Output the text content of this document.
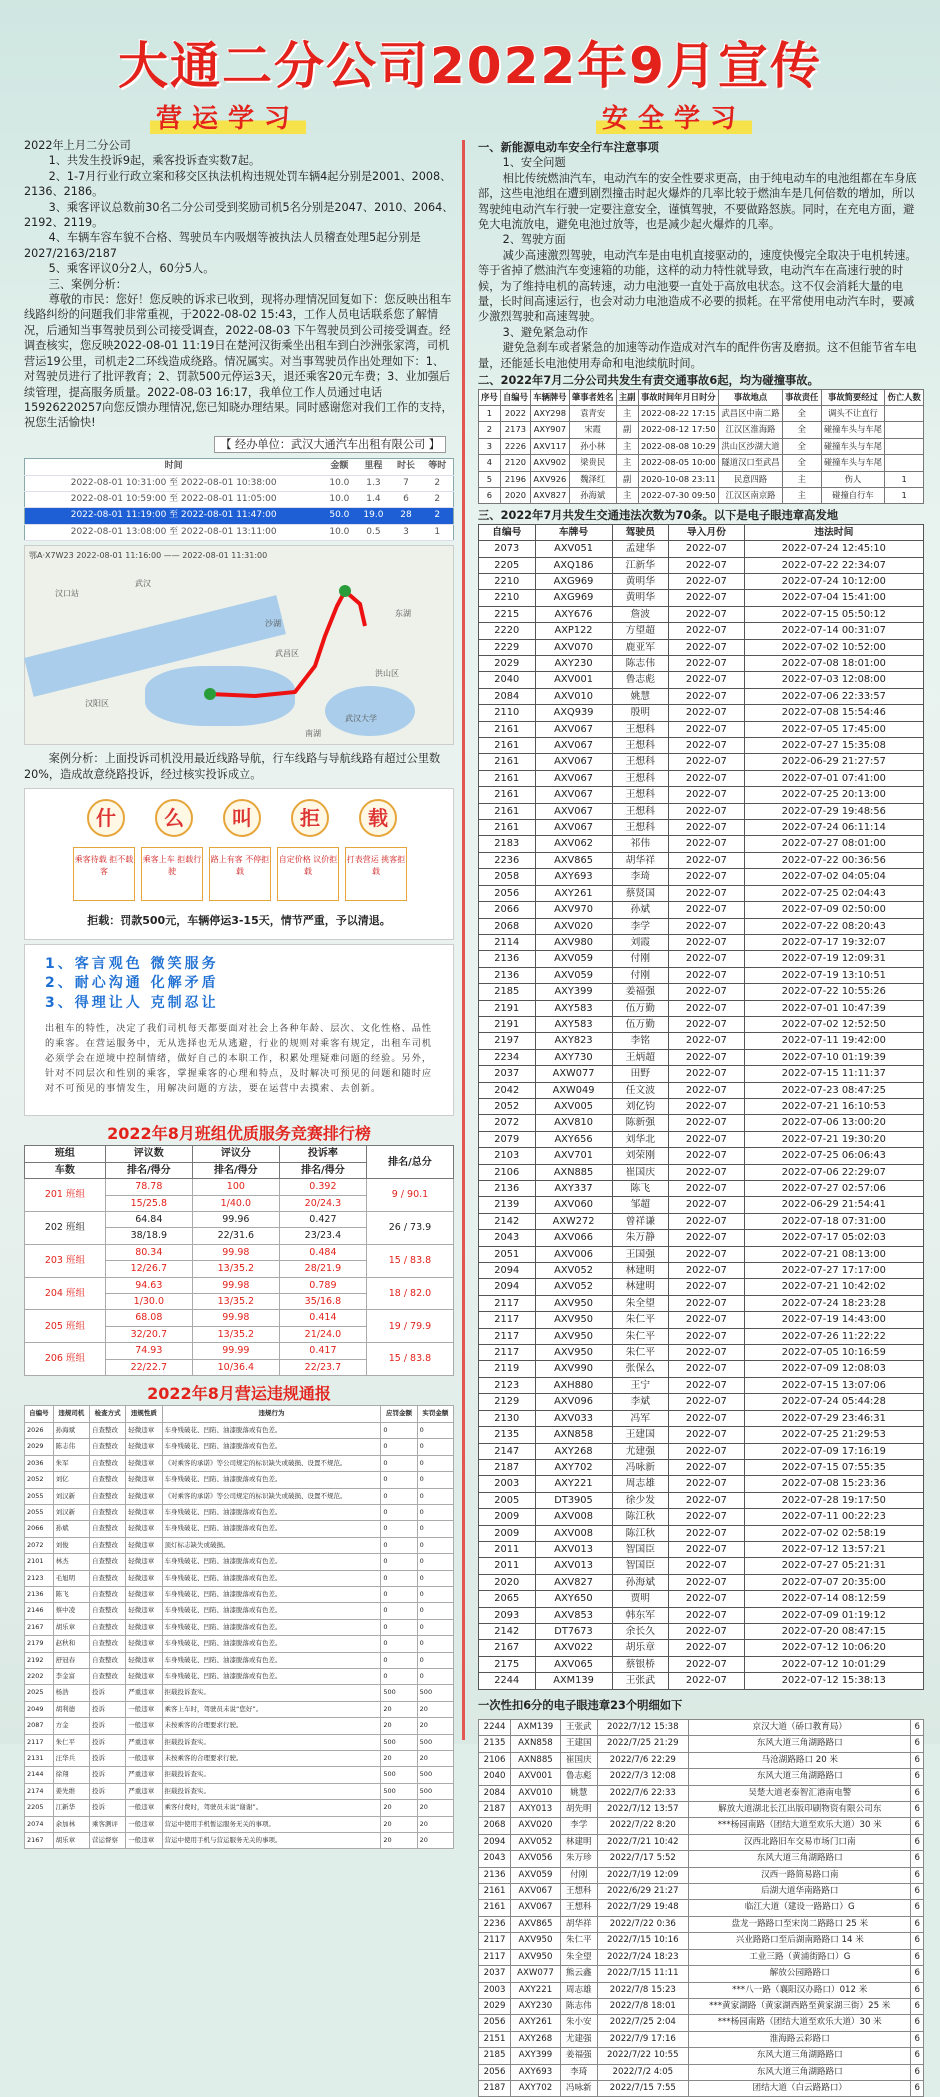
大通二分公司2022年9月宣传
营运学习	安全学习

2022年上月二分公司

1、共发生投诉9起，乘客投诉查实数7起。

2、1-7月行业行政立案和移交区执法机构违规处罚车辆4起分别是2001、2008、2136、2186。

3、乘客评议总数前30名二分公司受到奖励司机5名分别是2047、2010、2064、2192、2119。

4、车辆车容车貌不合格、驾驶员车内吸烟等被执法人员稽查处理5起分别是2027/2163/2187

5、乘客评议0分2人，60分5人。

三、案例分析：

尊敬的市民：您好！您反映的诉求已收到，现将办理情况回复如下：您反映出租车线路纠纷的问题我们非常重视，于2022-08-02 15:43，工作人员电话联系您了解情况，后通知当事驾驶员到公司接受调查，2022-08-03 下午驾驶员到公司接受调查。经调查核实，您反映2022-08-01 11:19日在楚河汉街乘坐出租车到白沙洲张家湾，司机营运19公里，司机走2二环线造成绕路。情况属实。对当事驾驶员作出处理如下：1、对驾驶员进行了批评教育；2、罚款500元停运3天，退还乘客20元车费；3、业加强后续管理，提高服务质量。2022-08-03 16:17，我单位工作人员通过电话15926220257向您反馈办理情况,您已知晓办理结果。同时感谢您对我们工作的支持，祝您生活愉快!

【 经办单位：武汉大通汽车出租有限公司 】
时间	金额	里程	时长	等时
2022-08-01 10:31:00 至 2022-08-01 10:38:00	10.0	1.3	7	2
2022-08-01 10:59:00 至 2022-08-01 11:05:00	10.0	1.4	6	2
2022-08-01 11:19:00 至 2022-08-01 11:47:00	50.0	19.0	28	2
2022-08-01 13:08:00 至 2022-08-01 13:11:00	10.0	0.5	3	1
鄂A·X7W23 2022-08-01 11:16:00 —— 2022-08-01 11:31:00
汉口站
武汉
汉阳区
武昌区
洪山区
南湖
沙湖
东湖
武汉大学

案例分析：上面投诉司机没用最近线路导航，行车线路与导航线路有超过公里数20%，造成故意绕路投诉，经过核实投诉成立。

什	么	叫	拒	载
乘客待载 拒不载客
乘客上车 拒载行驶
路上有客 不停拒载
自定价格 议价拒载
打表营运 挑客拒载
拒载：罚款500元，车辆停运3-15天，情节严重，予以清退。
1、客言观色 微笑服务
2、耐心沟通 化解矛盾
3、得理让人 克制忍让
出租车的特性，决定了我们司机每天都要面对社会上各种年龄、层次、文化性格、品性的乘客。在营运服务中，无从选择也无从逃避，行业的规则对乘客有规定，出租车司机必须学会在逆境中控制情绪，做好自己的本职工作，积累处理疑难问题的经验。另外，针对不同层次和性别的乘客，掌握乘客的心理和特点，及时解决可预见的问题和随时应对不可预见的事情发生，用解决问题的方法，要在运营中去摸索、去创新。
2022年8月班组优质服务竞赛排行榜
班组	评议数	评议分	投诉率	排名/总分
车数	排名/得分	排名/得分	排名/得分	
201 班组	78.78	100	0.392	9 / 90.1
	15/25.8	1/40.0	20/24.3	
202 班组	64.84	99.96	0.427	26 / 73.9
	38/18.9	22/31.6	23/23.4	
203 班组	80.34	99.98	0.484	15 / 83.8
	12/26.7	13/35.2	28/21.9	
204 班组	94.63	99.98	0.789	18 / 82.0
	1/30.0	13/35.2	35/16.8	
205 班组	68.08	99.98	0.414	19 / 79.9
	32/20.7	13/35.2	21/24.0	
206 班组	74.93	99.99	0.417	15 / 83.8
	22/22.7	10/36.4	22/23.7	
2022年8月营运违规通报
自编号	违规司机	检查方式	违规性质	违规行为	应罚金额	实罚金额
2026	孙海斌	自查整改	轻微违章	车身残破花、凹陷、油漆脱落或有色差。	0	0
2029	陈志伟	自查整改	轻微违章	车身残破花、凹陷、油漆脱落或有色差。	0	0
2036	朱军	自查整改	轻微违章	《对乘客的承诺》等公司规定的标识缺失或破损、设置不规范。	0	0
2052	刘亿	自查整改	轻微违章	车身残破花、凹陷、油漆脱落或有色差。	0	0
2055	刘汉新	自查整改	轻微违章	《对乘客的承诺》等公司规定的标识缺失或破损、设置不规范。	0	0
2055	刘汉新	自查整改	轻微违章	车身残破花、凹陷、油漆脱落或有色差。	0	0
2066	孙斌	自查整改	轻微违章	车身残破花、凹陷、油漆脱落或有色差。	0	0
2072	刘俊	自查整改	轻微违章	顶灯标志缺失或破损。	0	0
2101	林杰	自查整改	轻微违章	车身残破花、凹陷、油漆脱落或有色差。	0	0
2123	毛旭明	自查整改	轻微违章	车身残破花、凹陷、油漆脱落或有色差。	0	0
2136	陈飞	自查整改	轻微违章	车身残破花、凹陷、油漆脱落或有色差。	0	0
2146	蔡中凌	自查整改	轻微违章	车身残破花、凹陷、油漆脱落或有色差。	0	0
2167	胡乐章	自查整改	轻微违章	车身残破花、凹陷、油漆脱落或有色差。	0	0
2179	赵秋和	自查整改	轻微违章	车身残破花、凹陷、油漆脱落或有色差。	0	0
2192	舒冠春	自查整改	轻微违章	车身残破花、凹陷、油漆脱落或有色差。	0	0
2202	李金富	自查整改	轻微违章	车身残破花、凹陷、油漆脱落或有色差。	0	0
2025	杨浩	投诉	严重违章	拒载投诉查实。	500	500
2049	胡利德	投诉	一般违章	乘客上车时，驾驶员未说“您好”。	20	20
2087	方金	投诉	一般违章	未按乘客的合理要求行驶。	20	20
2117	朱仁平	投诉	严重违章	拒载投诉查实。	500	500
2131	汪华兵	投诉	一般违章	未按乘客的合理要求行驶。	20	20
2144	徐翔	投诉	严重违章	拒载投诉查实。	500	500
2174	姜先维	投诉	严重违章	拒载投诉查实。	500	500
2205	江新华	投诉	一般违章	乘客付费时，驾驶员未说“谢谢”。	20	20
2074	余加林	乘客测评	一般违章	营运中使用手机暂运服务无关的事项。	20	20
2167	胡乐章	营运督察	一般违章	营运中使用手机与营运服务无关的事项。	20	20

一、新能源电动车安全行车注意事项

1、安全问题

相比传统燃油汽车，电动汽车的安全性要求更高，由于纯电动车的电池组都在车身底部，这些电池组在遭到剧烈撞击时起火爆炸的几率比较于燃油车是几何倍数的增加，所以驾驶纯电动汽车行驶一定要注意安全，谨慎驾驶，不要做路怒族。同时，在充电方面，避免大电流放电，避免电池过放等，也是减少起火爆炸的几率。

2、驾驶方面

减少高速激烈驾驶，电动汽车是由电机直接驱动的，速度快慢完全取决于电机转速。等于省掉了燃油汽车变速箱的功能，这样的动力特性就导致，电动汽车在高速行驶的时候，为了维持电机的高转速，动力电池要一直处于高放电状态。这不仅会消耗大量的电量，长时间高速运行，也会对动力电池造成不必要的损耗。在平常使用电动汽车时，要减少激烈驾驶和高速驾驶。

3、避免紧急动作

避免急刹车或者紧急的加速等动作造成对汽车的配件伤害及磨损。这不但能节省车电量，还能延长电池使用寿命和电池续航时间。

二、2022年7月二分公司共发生有责交通事故6起，均为碰撞事故。

序号	自编号	车辆牌号	肇事者姓名	主副	事故时间年月日时分	事故地点	事故责任	事故简要经过	伤亡人数
1	2022	AXY298	袁青安	主	2022-08-22 17:15	武昌区中南二路	全	调头不让直行	
2	2173	AXY907	宋霞	副	2022-08-12 17:50	江汉区淮海路	全	碰撞车头与车尾	
3	2226	AXV117	孙小林	主	2022-08-08 10:29	洪山区沙湖大道	全	碰撞车头与车尾	
4	2120	AXV902	梁贵民	主	2022-08-05 10:00	隧道汉口至武昌	全	碰撞车头与车尾	
5	2196	AXV926	魏泽红	副	2020-10-08 23:11	民意四路	主	伤人	1
6	2020	AXV827	孙海斌	主	2022-07-30 09:50	江汉区南京路	主	碰撞自行车	1

三、2022年7月共发生交通违法次数为70条。以下是电子眼违章高发地

自编号	车牌号	驾驶员	导入月份	违法时间
2073	AXV051	孟建华	2022-07	2022-07-24 12:45:10
2205	AXQ186	江新华	2022-07	2022-07-22 22:34:07
2210	AXG969	黄明华	2022-07	2022-07-24 10:12:00
2210	AXG969	黄明华	2022-07	2022-07-04 15:41:00
2215	AXY676	詹波	2022-07	2022-07-15 05:50:12
2220	AXP122	方望超	2022-07	2022-07-14 00:31:07
2229	AXV070	鹿亚军	2022-07	2022-07-02 10:52:00
2029	AXY230	陈志伟	2022-07	2022-07-08 18:01:00
2040	AXV001	鲁志彪	2022-07	2022-07-03 12:08:00
2084	AXV010	姚慧	2022-07	2022-07-06 22:33:57
2110	AXQ939	殷明	2022-07	2022-07-08 15:54:46
2161	AXV067	王想科	2022-07	2022-07-05 17:45:00
2161	AXV067	王想科	2022-07	2022-07-27 15:35:08
2161	AXV067	王想科	2022-07	2022-06-29 21:27:57
2161	AXV067	王想科	2022-07	2022-07-01 07:41:00
2161	AXV067	王想科	2022-07	2022-07-25 20:13:00
2161	AXV067	王想科	2022-07	2022-07-29 19:48:56
2161	AXV067	王想科	2022-07	2022-07-24 06:11:14
2183	AXV062	祁伟	2022-07	2022-07-27 08:01:00
2236	AXV865	胡华祥	2022-07	2022-07-22 00:36:56
2058	AXY693	李琦	2022-07	2022-07-02 04:05:04
2056	AXY261	蔡贤国	2022-07	2022-07-25 02:04:43
2066	AXV970	孙斌	2022-07	2022-07-09 02:50:00
2068	AXV020	李学	2022-07	2022-07-22 08:20:43
2114	AXV980	刘霞	2022-07	2022-07-17 19:32:07
2136	AXV059	付刚	2022-07	2022-07-19 12:09:31
2136	AXV059	付刚	2022-07	2022-07-19 13:10:51
2185	AXY399	姜福强	2022-07	2022-07-22 10:55:26
2191	AXY583	伍万勤	2022-07	2022-07-01 10:47:39
2191	AXY583	伍万勤	2022-07	2022-07-02 12:52:50
2197	AXY823	李铭	2022-07	2022-07-11 19:42:00
2234	AXY730	王炳超	2022-07	2022-07-10 01:19:39
2037	AXW077	田野	2022-07	2022-07-15 11:11:37
2042	AXW049	任文波	2022-07	2022-07-23 08:47:25
2052	AXV005	刘亿钧	2022-07	2022-07-21 16:10:53
2072	AXV810	陈新强	2022-07	2022-07-06 13:00:20
2079	AXY656	刘华北	2022-07	2022-07-21 19:30:20
2103	AXV701	刘荣刚	2022-07	2022-07-25 06:06:43
2106	AXN885	崔国庆	2022-07	2022-07-06 22:29:07
2136	AXY337	陈飞	2022-07	2022-07-27 02:57:06
2139	AXV060	邹超	2022-07	2022-06-29 21:54:41
2142	AXW272	曾祥谦	2022-07	2022-07-18 07:31:00
2043	AXV066	朱万静	2022-07	2022-07-17 05:02:03
2051	AXV006	王国强	2022-07	2022-07-21 08:13:00
2094	AXV052	林建明	2022-07	2022-07-27 17:17:00
2094	AXV052	林建明	2022-07	2022-07-21 10:42:02
2117	AXV950	朱全望	2022-07	2022-07-24 18:23:28
2117	AXV950	朱仁平	2022-07	2022-07-19 14:43:00
2117	AXV950	朱仁平	2022-07	2022-07-26 11:22:22
2117	AXV950	朱仁平	2022-07	2022-07-05 10:16:59
2119	AXV990	张保么	2022-07	2022-07-09 12:08:03
2123	AXH880	王宁	2022-07	2022-07-15 13:07:06
2129	AXV096	李斌	2022-07	2022-07-24 05:44:28
2130	AXV033	冯军	2022-07	2022-07-29 23:46:31
2135	AXN858	王建国	2022-07	2022-07-25 21:29:53
2147	AXY268	尤建强	2022-07	2022-07-09 17:16:19
2187	AXY702	冯咏新	2022-07	2022-07-15 07:55:35
2003	AXY221	周志雄	2022-07	2022-07-08 15:23:36
2005	DT3905	徐少发	2022-07	2022-07-28 19:17:50
2009	AXV008	陈江秋	2022-07	2022-07-11 00:22:23
2009	AXV008	陈江秋	2022-07	2022-07-02 02:58:19
2011	AXV013	智国臣	2022-07	2022-07-12 13:57:21
2011	AXV013	智国臣	2022-07	2022-07-27 05:21:31
2020	AXV827	孙海斌	2022-07	2022-07-07 20:35:00
2065	AXY650	贾明	2022-07	2022-07-14 08:12:59
2093	AXV853	韩东军	2022-07	2022-07-09 01:19:12
2142	DT7673	余长久	2022-07	2022-07-20 08:47:15
2167	AXV022	胡乐章	2022-07	2022-07-12 10:06:20
2175	AXV065	蔡银桥	2022-07	2022-07-12 10:01:29
2244	AXM139	王张武	2022-07	2022-07-12 15:38:13

一次性扣6分的电子眼违章23个明细如下

2244	AXM139	王张武	2022/7/12 15:38	京汉大道（硚口教育局）	6
2135	AXN858	王建国	2022/7/25 21:29	东风大道三角湖路路口	6
2106	AXN885	崔国庆	2022/7/6 22:29	马沧湖路路口 20 米	6
2040	AXV001	鲁志彪	2022/7/3 12:08	东风大道三角湖路路口	6
2084	AXV010	姚慧	2022/7/6 22:33	吴楚大道老泰智汇港南电警	6
2187	AXY013	胡先明	2022/7/12 13:57	解放大道湖北长江出版印刷物资有限公司东	6
2068	AXV020	李学	2022/7/22 8:20	***杨园南路（团结大道至欢乐大道）30 米	6
2094	AXV052	林建明	2022/7/21 10:42	汉西北路旧车交易市场门口南	6
2043	AXV056	朱万珍	2022/7/17 5:52	东风大道三角湖路路口	6
2136	AXV059	付刚	2022/7/19 12:09	汉西一路简易路口南	6
2161	AXV067	王想科	2022/6/29 21:27	后湖大道华南路路口	6
2161	AXV067	王想科	2022/7/29 19:48	临江大道（建设一路路口）G	6
2236	AXV865	胡华祥	2022/7/22 0:36	盘龙一路路口至宋岗二路路口 25 米	6
2117	AXV950	朱仁平	2022/7/15 10:16	兴业路路口至后湖南路路口 14 米	6
2117	AXV950	朱全望	2022/7/24 18:23	工业三路（黄浦街路口）G	6
2037	AXW077	熊云鑫	2022/7/15 11:11	解放公园路路口	6
2003	AXY221	周志雄	2022/7/8 15:23	***八一路（襄阳汉办路口）012 米	6
2029	AXY230	陈志伟	2022/7/8 18:01	***黄家湖路（黄家湖西路至黄家湖三街）25 米	6
2056	AXY261	朱小安	2022/7/25 2:04	***杨园南路（团结大道至欢乐大道）30 米	6
2151	AXY268	尤建强	2022/7/9 17:16	淮海路云彩路口	6
2185	AXY399	姜福强	2022/7/22 10:55	东风大道三角湖路路口	6
2056	AXY693	李琦	2022/7/2 4:05	东风大道三角湖路路口	6
2187	AXY702	冯咏新	2022/7/15 7:55	团结大道（白云路路口）	6
